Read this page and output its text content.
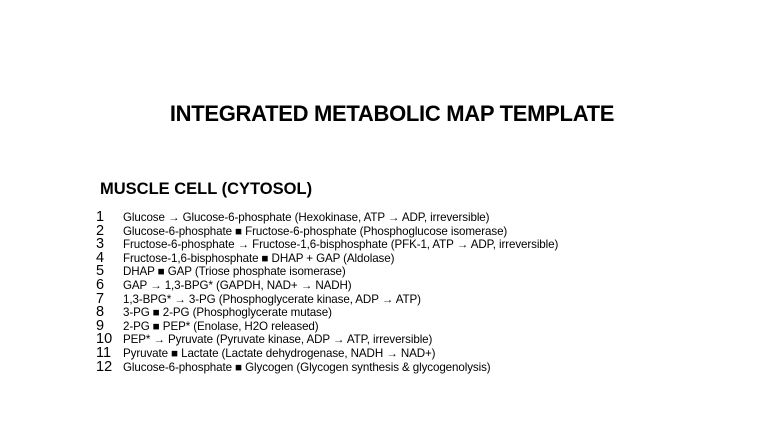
INTEGRATED METABOLIC MAP TEMPLATE
MUSCLE CELL (CYTOSOL)
1 Glucose → Glucose-6-phosphate (Hexokinase, ATP → ADP, irreversible)
2 Glucose-6-phosphate ■ Fructose-6-phosphate (Phosphoglucose isomerase)
3 Fructose-6-phosphate → Fructose-1,6-bisphosphate (PFK-1, ATP → ADP, irreversible)
4 Fructose-1,6-bisphosphate ■ DHAP + GAP (Aldolase)
5 DHAP ■ GAP (Triose phosphate isomerase)
6 GAP → 1,3-BPG* (GAPDH, NAD+ → NADH)
7 1,3-BPG* → 3-PG (Phosphoglycerate kinase, ADP → ATP)
8 3-PG ■ 2-PG (Phosphoglycerate mutase)
9 2-PG ■ PEP* (Enolase, H2O released)
10 PEP* → Pyruvate (Pyruvate kinase, ADP → ATP, irreversible)
11 Pyruvate ■ Lactate (Lactate dehydrogenase, NADH → NAD+)
12 Glucose-6-phosphate ■ Glycogen (Glycogen synthesis & glycogenolysis)
